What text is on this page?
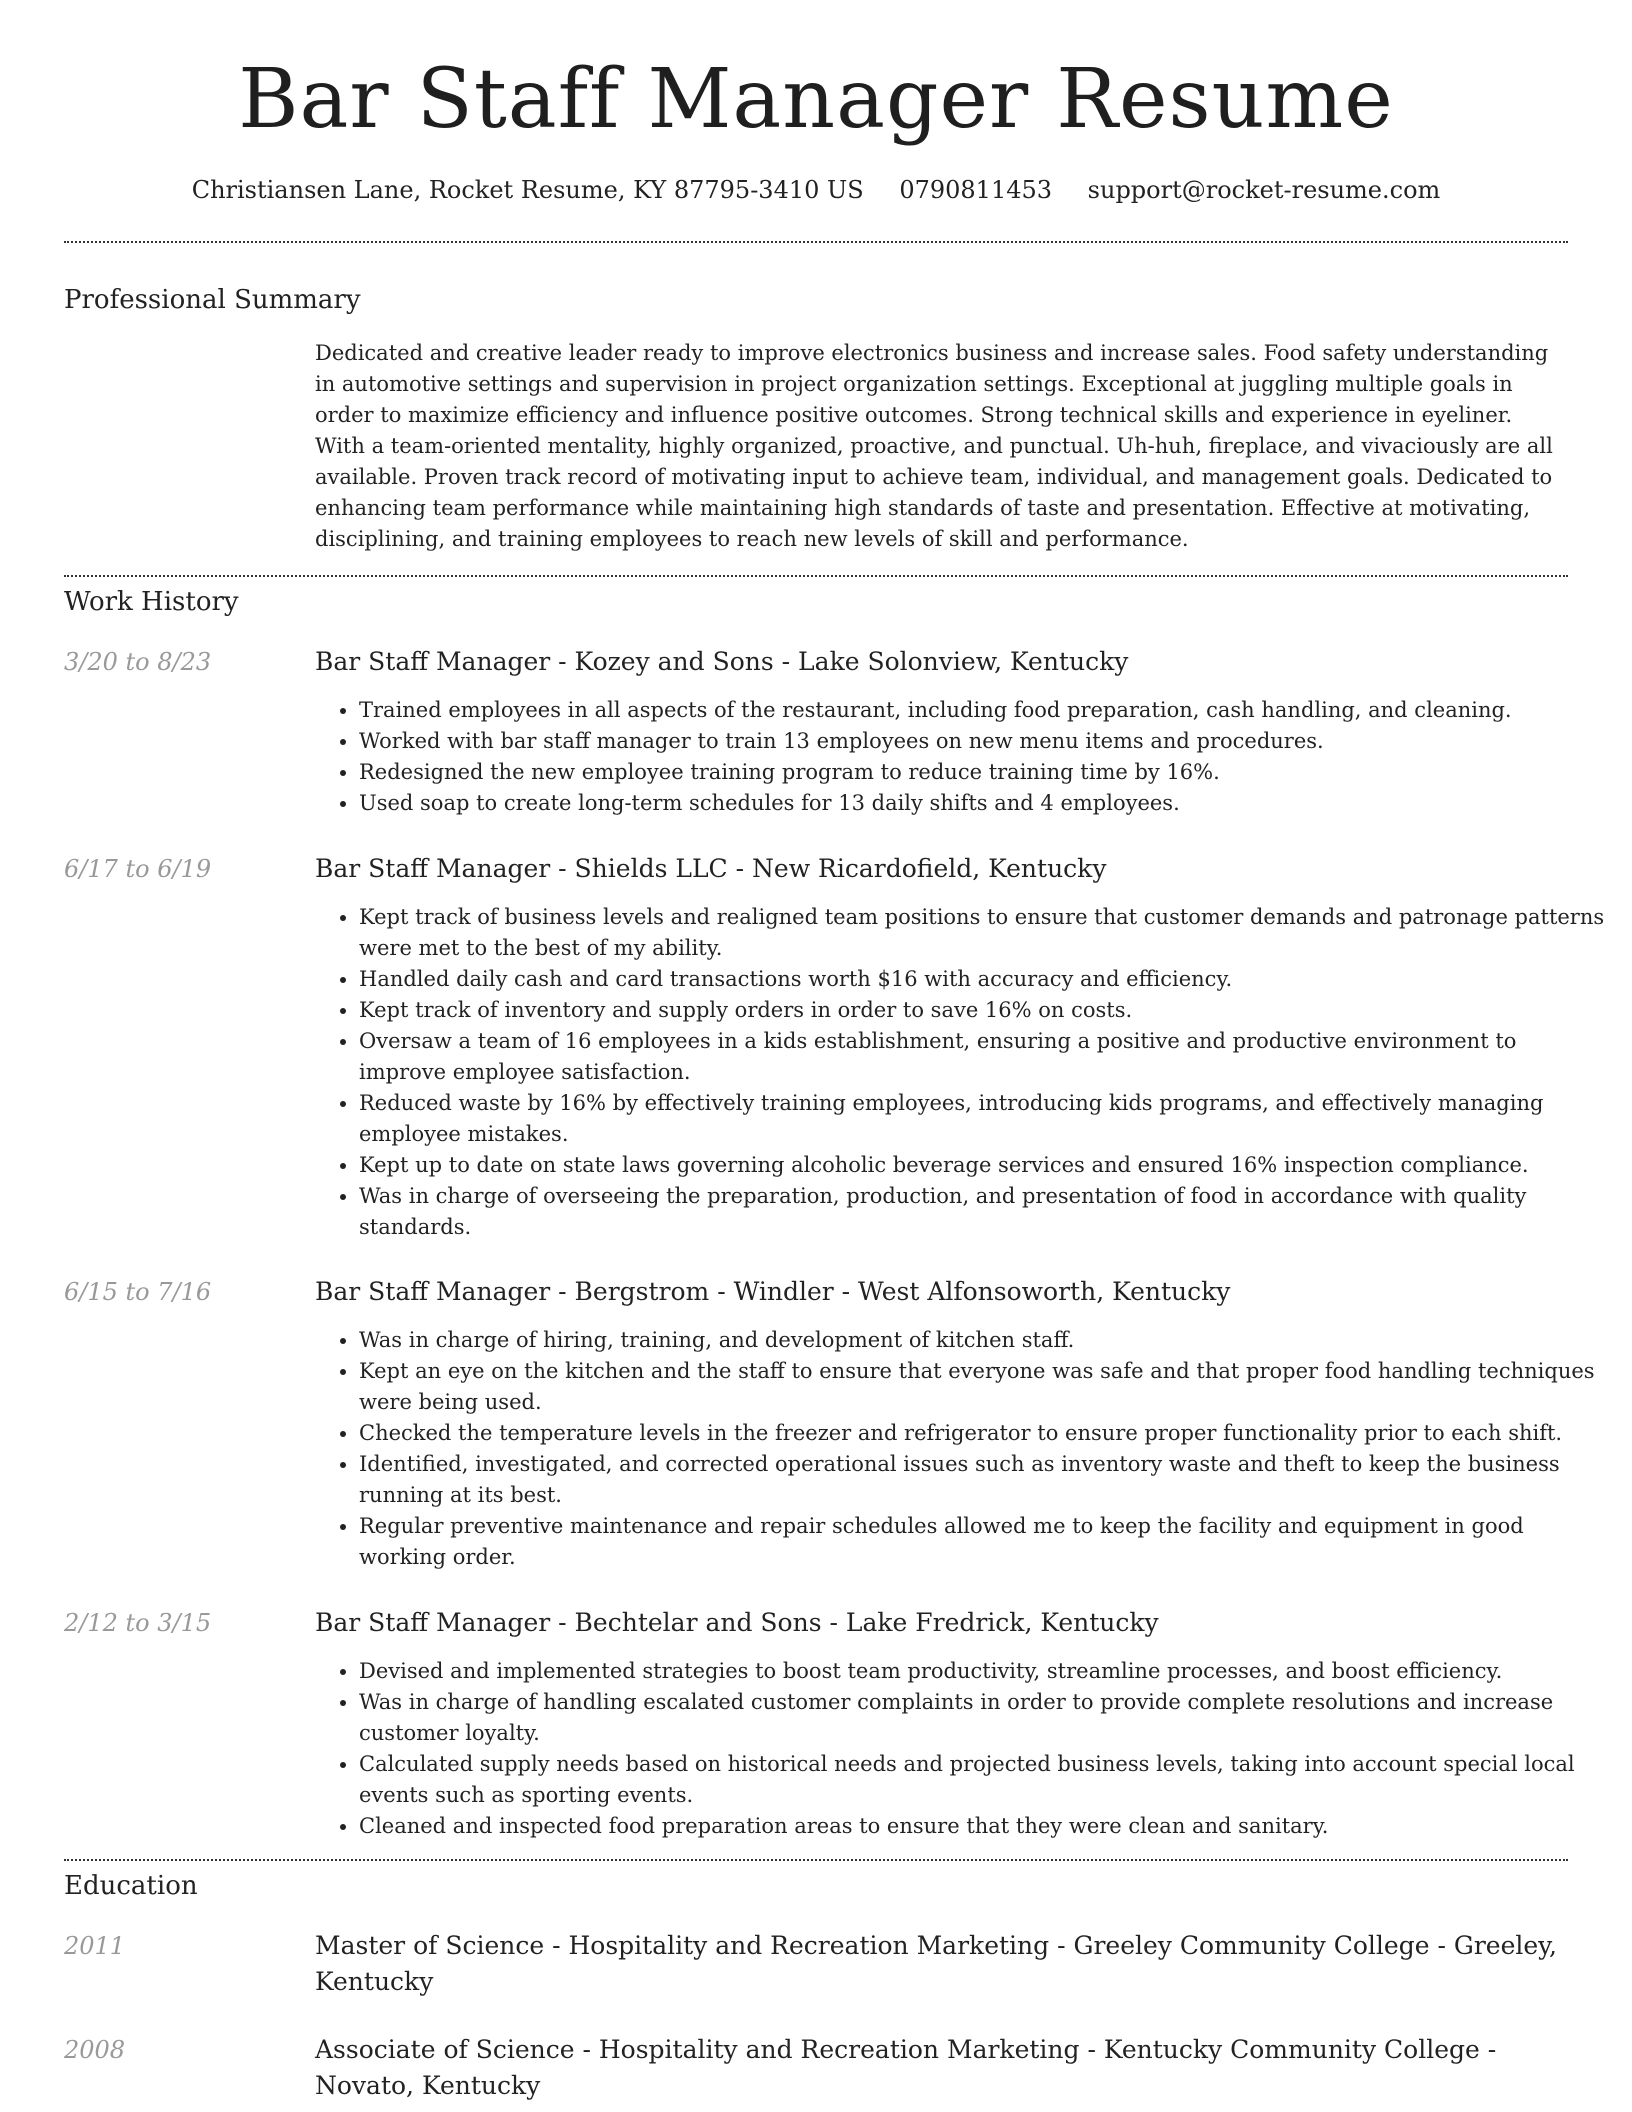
Bar Staff Manager Resume
Christiansen Lane, Rocket Resume, KY 87795-3410 US 0790811453 support@rocket-resume.com
Professional Summary
Dedicated and creative leader ready to improve electronics business and increase sales. Food safety understanding in automotive settings and supervision in project organization settings. Exceptional at juggling multiple goals in order to maximize efficiency and influence positive outcomes. Strong technical skills and experience in eyeliner. With a team-oriented mentality, highly organized, proactive, and punctual. Uh-huh, fireplace, and vivaciously are all available. Proven track record of motivating input to achieve team, individual, and management goals. Dedicated to enhancing team performance while maintaining high standards of taste and presentation. Effective at motivating, disciplining, and training employees to reach new levels of skill and performance.
Work History
3/20 to 8/23	Bar Staff Manager - Kozey and Sons - Lake Solonview, Kentucky
• Trained employees in all aspects of the restaurant, including food preparation, cash handling, and cleaning.
• Worked with bar staff manager to train 13 employees on new menu items and procedures.
• Redesigned the new employee training program to reduce training time by 16%.
• Used soap to create long-term schedules for 13 daily shifts and 4 employees.
6/17 to 6/19	Bar Staff Manager - Shields LLC - New Ricardofield, Kentucky
• Kept track of business levels and realigned team positions to ensure that customer demands and patronage patterns were met to the best of my ability.
• Handled daily cash and card transactions worth $16 with accuracy and efficiency.
• Kept track of inventory and supply orders in order to save 16% on costs.
• Oversaw a team of 16 employees in a kids establishment, ensuring a positive and productive environment to improve employee satisfaction.
• Reduced waste by 16% by effectively training employees, introducing kids programs, and effectively managing employee mistakes.
• Kept up to date on state laws governing alcoholic beverage services and ensured 16% inspection compliance.
• Was in charge of overseeing the preparation, production, and presentation of food in accordance with quality standards.
6/15 to 7/16	Bar Staff Manager - Bergstrom - Windler - West Alfonsoworth, Kentucky
• Was in charge of hiring, training, and development of kitchen staff.
• Kept an eye on the kitchen and the staff to ensure that everyone was safe and that proper food handling techniques were being used.
• Checked the temperature levels in the freezer and refrigerator to ensure proper functionality prior to each shift.
• Identified, investigated, and corrected operational issues such as inventory waste and theft to keep the business running at its best.
• Regular preventive maintenance and repair schedules allowed me to keep the facility and equipment in good working order.
2/12 to 3/15	Bar Staff Manager - Bechtelar and Sons - Lake Fredrick, Kentucky
• Devised and implemented strategies to boost team productivity, streamline processes, and boost efficiency.
• Was in charge of handling escalated customer complaints in order to provide complete resolutions and increase customer loyalty.
• Calculated supply needs based on historical needs and projected business levels, taking into account special local events such as sporting events.
• Cleaned and inspected food preparation areas to ensure that they were clean and sanitary.
Education
2011	Master of Science - Hospitality and Recreation Marketing - Greeley Community College - Greeley, Kentucky
2008	Associate of Science - Hospitality and Recreation Marketing - Kentucky Community College - Novato, Kentucky
